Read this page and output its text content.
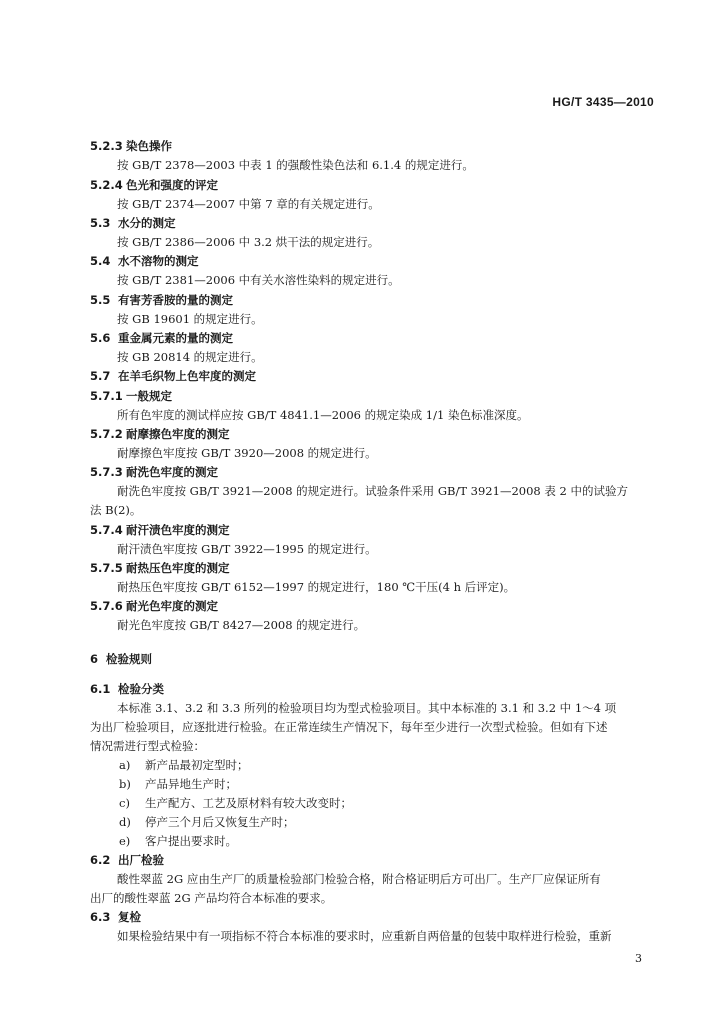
HG/T 3435—2010
5.2.3 染色操作
按 GB/T 2378—2003 中表 1 的强酸性染色法和 6.1.4 的规定进行。
5.2.4 色光和强度的评定
按 GB/T 2374—2007 中第 7 章的有关规定进行。
5.3 水分的测定
按 GB/T 2386—2006 中 3.2 烘干法的规定进行。
5.4 水不溶物的测定
按 GB/T 2381—2006 中有关水溶性染料的规定进行。
5.5 有害芳香胺的量的测定
按 GB 19601 的规定进行。
5.6 重金属元素的量的测定
按 GB 20814 的规定进行。
5.7 在羊毛织物上色牢度的测定
5.7.1 一般规定
所有色牢度的测试样应按 GB/T 4841.1—2006 的规定染成 1/1 染色标准深度。
5.7.2 耐摩擦色牢度的测定
耐摩擦色牢度按 GB/T 3920—2008 的规定进行。
5.7.3 耐洗色牢度的测定
耐洗色牢度按 GB/T 3921—2008 的规定进行。试验条件采用 GB/T 3921—2008 表 2 中的试验方
法 B(2)。
5.7.4 耐汗渍色牢度的测定
耐汗渍色牢度按 GB/T 3922—1995 的规定进行。
5.7.5 耐热压色牢度的测定
耐热压色牢度按 GB/T 6152—1997 的规定进行，180 ℃干压(4 h 后评定)。
5.7.6 耐光色牢度的测定
耐光色牢度按 GB/T 8427—2008 的规定进行。
6 检验规则
6.1 检验分类
本标准 3.1、3.2 和 3.3 所列的检验项目均为型式检验项目。其中本标准的 3.1 和 3.2 中 1～4 项
为出厂检验项目，应逐批进行检验。在正常连续生产情况下，每年至少进行一次型式检验。但如有下述
情况需进行型式检验：
a) 新产品最初定型时；
b) 产品异地生产时；
c) 生产配方、工艺及原材料有较大改变时；
d) 停产三个月后又恢复生产时；
e) 客户提出要求时。
6.2 出厂检验
酸性翠蓝 2G 应由生产厂的质量检验部门检验合格，附合格证明后方可出厂。生产厂应保证所有
出厂的酸性翠蓝 2G 产品均符合本标准的要求。
6.3 复检
如果检验结果中有一项指标不符合本标准的要求时，应重新自两倍量的包装中取样进行检验，重新
3
